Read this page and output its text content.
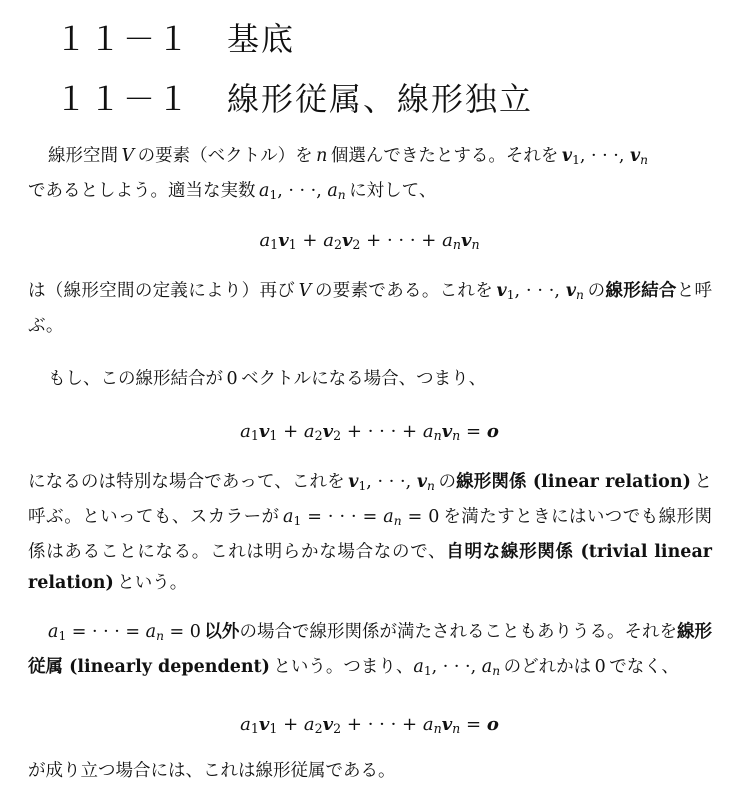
１１－１ 基底
１１－１ 線形従属、線形独立

線形空間  V  の要素（ベクトル）を  n  個選んできたとする。それを  $v_1$, · · ·, $v_n$
であるとしよう。適当な実数  $a_1$, · · ·, $a_n$  に対して、

$a_1v_1 + a_2v_2$ + · · · + $a_nv_n$

は（線形空間の定義により）再び  V  の要素である。これを  $v_1$, · · ·, $v_n$  の線形結合と呼ぶ。

もし、この線形結合が  0  ベクトルになる場合、つまり、

$a_1v_1 + a_2v_2$ + · · · + $a_nv_n = o$

になるのは特別な場合であって、これを  $v_1$, · · ·, $v_n$  の線形関係 (linear relation)  と呼ぶ。といっても、スカラーが  $a_1$ = · · · = $a_n = 0$  を満たすときにはいつでも線形関係はあることになる。これは明らかな場合なので、自明な線形関係 (trivial linear relation)  という。

$a_1$ = · · · = $a_n = 0$  以外の場合で線形関係が満たされることもありうる。それを線形従属 (linearly dependent)  という。つまり、$a_1$, · · ·, $a_n$  のどれかは  0  でなく、

$a_1v_1 + a_2v_2$ + · · · + $a_nv_n = o$

が成り立つ場合には、これは線形従属である。
